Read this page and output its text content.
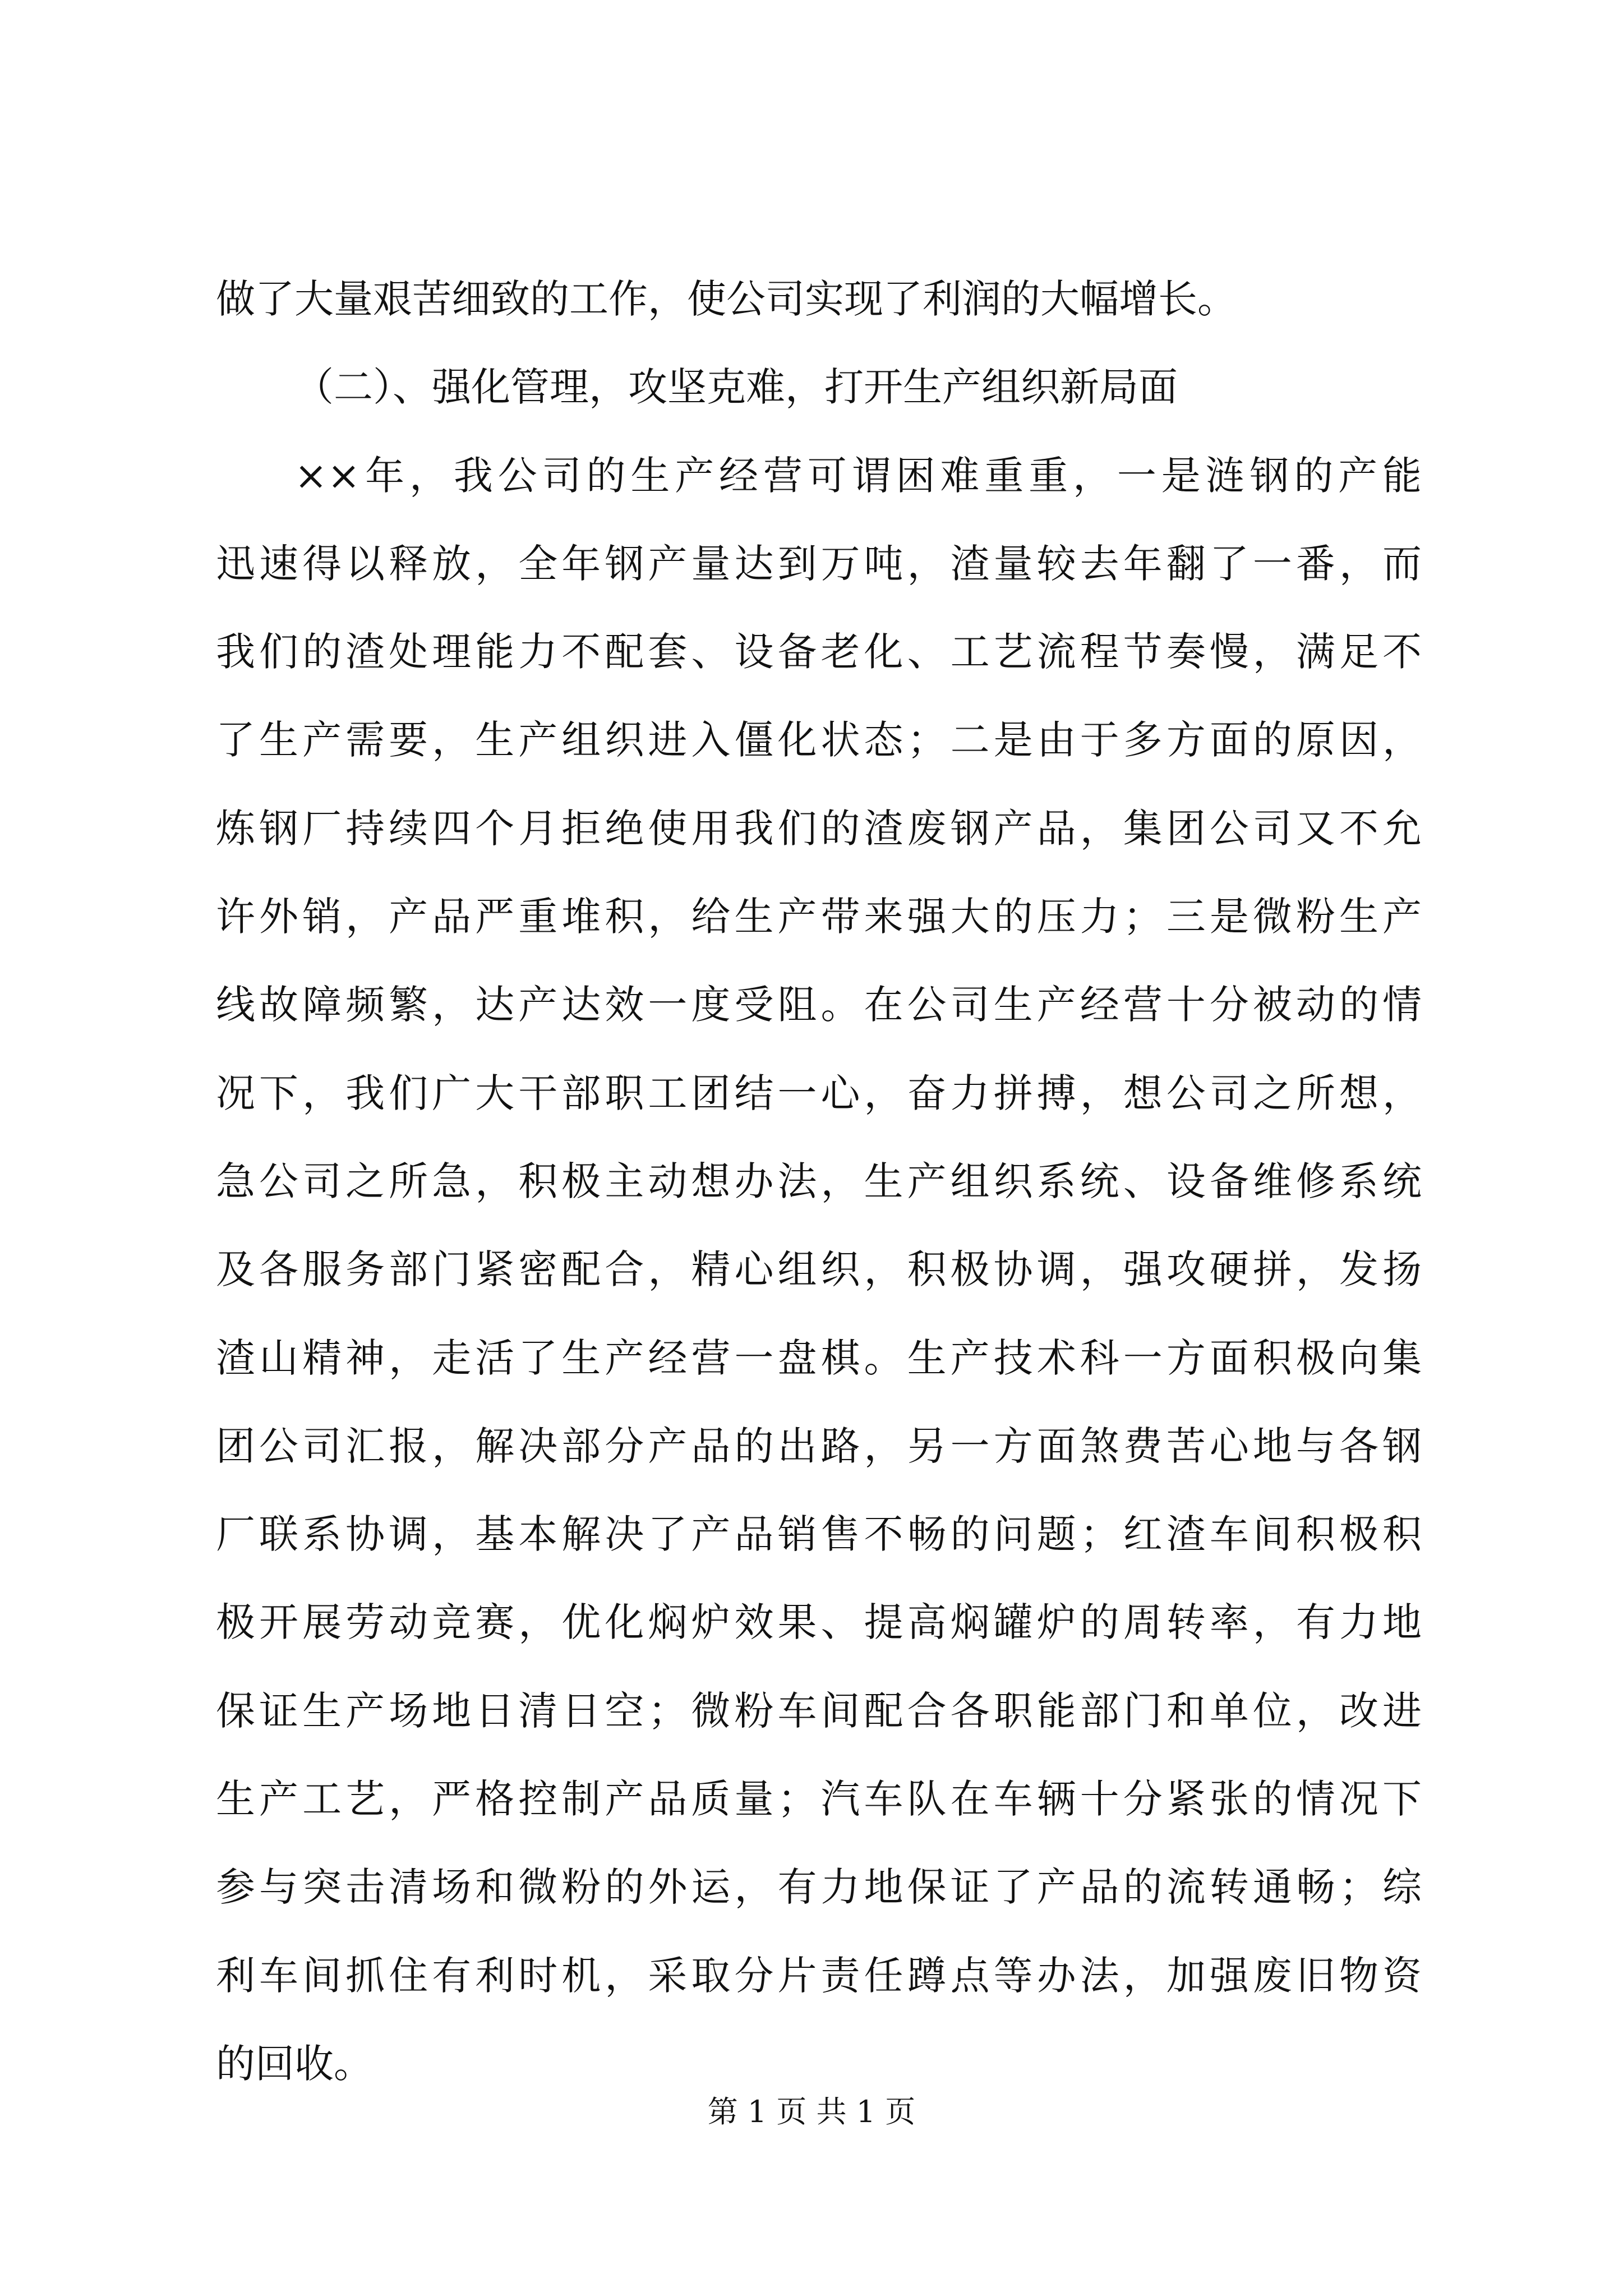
做了大量艰苦细致的工作，使公司实现了利润的大幅增长。
（二）、强化管理，攻坚克难，打开生产组织新局面
××年，我公司的生产经营可谓困难重重，一是涟钢的产能
迅速得以释放，全年钢产量达到万吨，渣量较去年翻了一番，而
我们的渣处理能力不配套、设备老化、工艺流程节奏慢，满足不
了生产需要，生产组织进入僵化状态；二是由于多方面的原因，
炼钢厂持续四个月拒绝使用我们的渣废钢产品，集团公司又不允
许外销，产品严重堆积，给生产带来强大的压力；三是微粉生产
线故障频繁，达产达效一度受阻。在公司生产经营十分被动的情
况下，我们广大干部职工团结一心，奋力拼搏，想公司之所想，
急公司之所急，积极主动想办法，生产组织系统、设备维修系统
及各服务部门紧密配合，精心组织，积极协调，强攻硬拼，发扬
渣山精神，走活了生产经营一盘棋。生产技术科一方面积极向集
团公司汇报，解决部分产品的出路，另一方面煞费苦心地与各钢
厂联系协调，基本解决了产品销售不畅的问题；红渣车间积极积
极开展劳动竞赛，优化焖炉效果、提高焖罐炉的周转率，有力地
保证生产场地日清日空；微粉车间配合各职能部门和单位，改进
生产工艺，严格控制产品质量；汽车队在车辆十分紧张的情况下
参与突击清场和微粉的外运，有力地保证了产品的流转通畅；综
利车间抓住有利时机，采取分片责任蹲点等办法，加强废旧物资
的回收。
第 1 页 共 1 页
